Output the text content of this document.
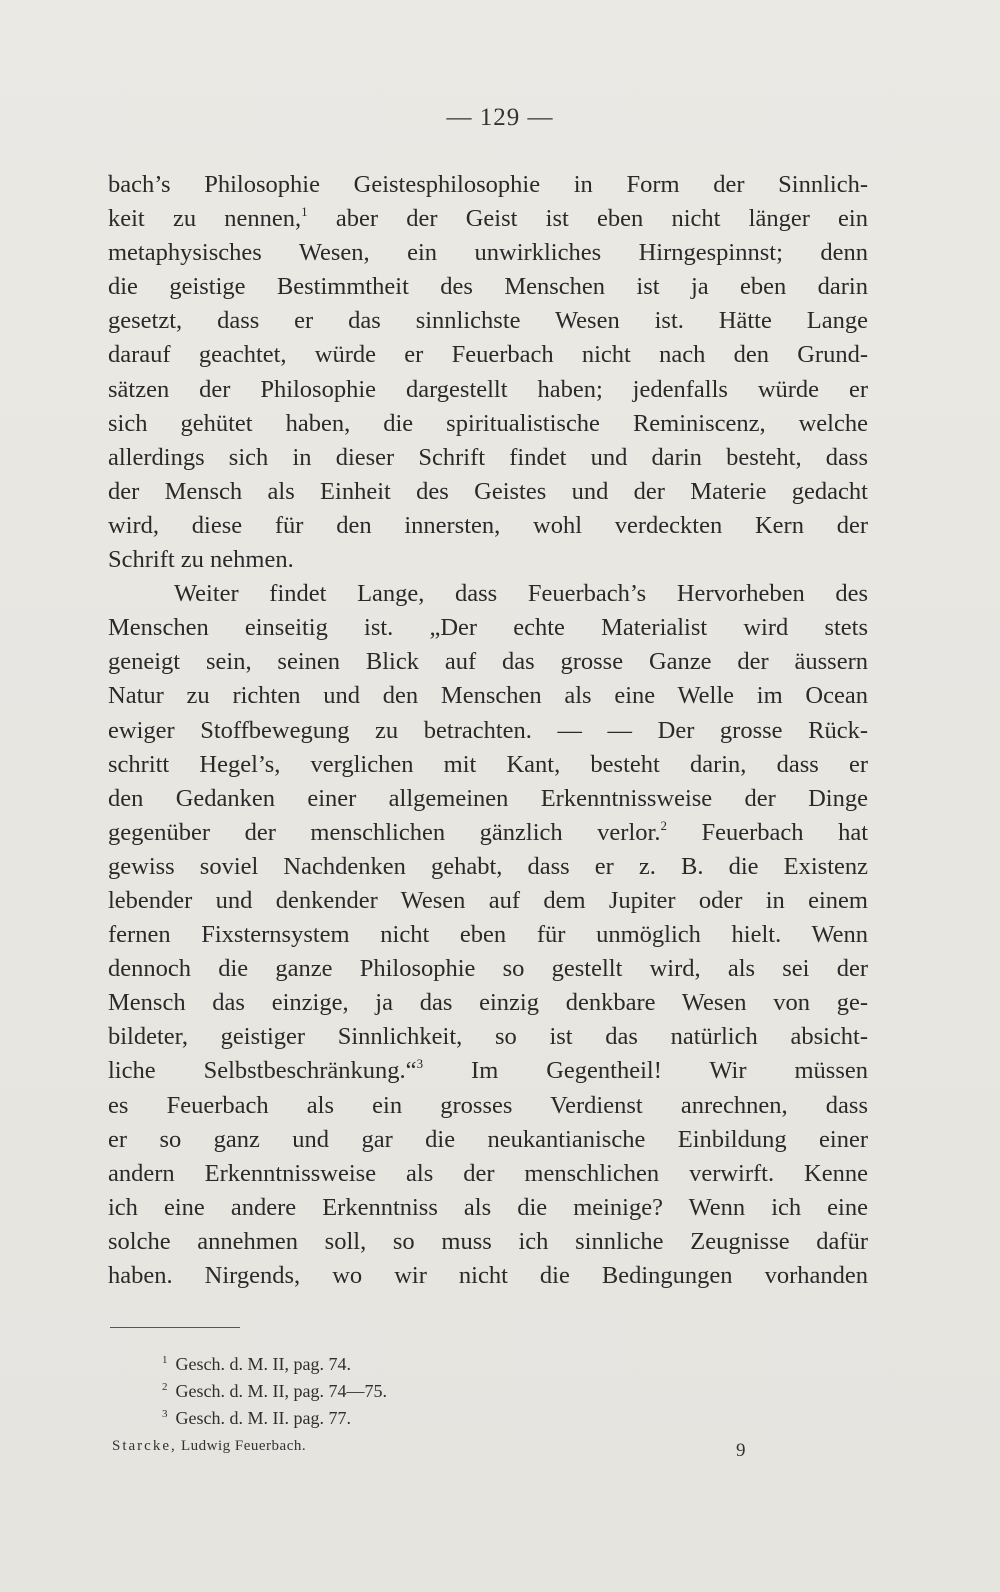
— 129 —
bach’s Philosophie Geistesphilosophie in Form der Sinnlich-
keit zu nennen,$^1$ aber der Geist ist eben nicht länger ein
metaphysisches Wesen, ein unwirkliches Hirngespinnst; denn
die geistige Bestimmtheit des Menschen ist ja eben darin
gesetzt, dass er das sinnlichste Wesen ist. Hätte Lange
darauf geachtet, würde er Feuerbach nicht nach den Grund-
sätzen der Philosophie dargestellt haben; jedenfalls würde er
sich gehütet haben, die spiritualistische Reminiscenz, welche
allerdings sich in dieser Schrift findet und darin besteht, dass
der Mensch als Einheit des Geistes und der Materie gedacht
wird, diese für den innersten, wohl verdeckten Kern der
Schrift zu nehmen.
Weiter findet Lange, dass Feuerbach’s Hervorheben des
Menschen einseitig ist. „Der echte Materialist wird stets
geneigt sein, seinen Blick auf das grosse Ganze der äussern
Natur zu richten und den Menschen als eine Welle im Ocean
ewiger Stoffbewegung zu betrachten. — — Der grosse Rück-
schritt Hegel’s, verglichen mit Kant, besteht darin, dass er
den Gedanken einer allgemeinen Erkenntnissweise der Dinge
gegenüber der menschlichen gänzlich verlor.$^2$ Feuerbach hat
gewiss soviel Nachdenken gehabt, dass er z. B. die Existenz
lebender und denkender Wesen auf dem Jupiter oder in einem
fernen Fixsternsystem nicht eben für unmöglich hielt. Wenn
dennoch die ganze Philosophie so gestellt wird, als sei der
Mensch das einzige, ja das einzig denkbare Wesen von ge-
bildeter, geistiger Sinnlichkeit, so ist das natürlich absicht-
liche Selbstbeschränkung.“$^3$ Im Gegentheil! Wir müssen
es Feuerbach als ein grosses Verdienst anrechnen, dass
er so ganz und gar die neukantianische Einbildung einer
andern Erkenntnissweise als der menschlichen verwirft. Kenne
ich eine andere Erkenntniss als die meinige? Wenn ich eine
solche annehmen soll, so muss ich sinnliche Zeugnisse dafür
haben. Nirgends, wo wir nicht die Bedingungen vorhanden
$^1$ Gesch. d. M. II, pag. 74.
$^2$ Gesch. d. M. II, pag. 74—75.
$^3$ Gesch. d. M. II. pag. 77.
Starcke, Ludwig Feuerbach.	9
